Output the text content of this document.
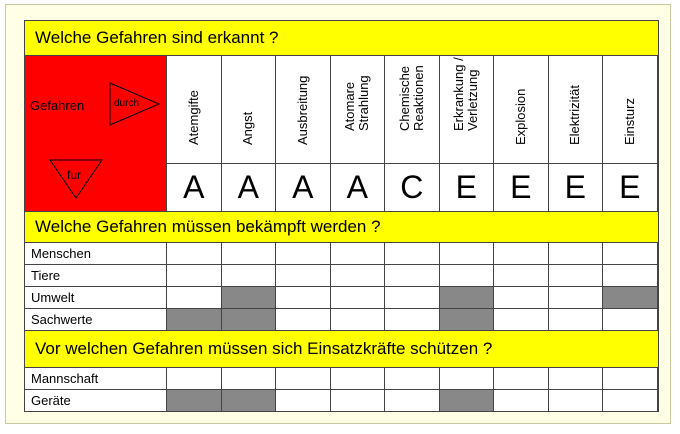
Welche Gefahren sind erkannt ?
Gefahren	durch
fur
Atemgifte
A
Angst
A
Ausbreitung
A
Atomare
Strahlung
A
Chemische
Reaktionen
C
Erkrankung /
Verletzung
E
Explosion
E
Elektrizität
E
Einsturz
E
Welche Gefahren müssen bekämpft werden ?
Menschen
Tiere
Umwelt
Sachwerte
Vor welchen Gefahren müssen sich Einsatzkräfte schützen ?
Mannschaft
Geräte
